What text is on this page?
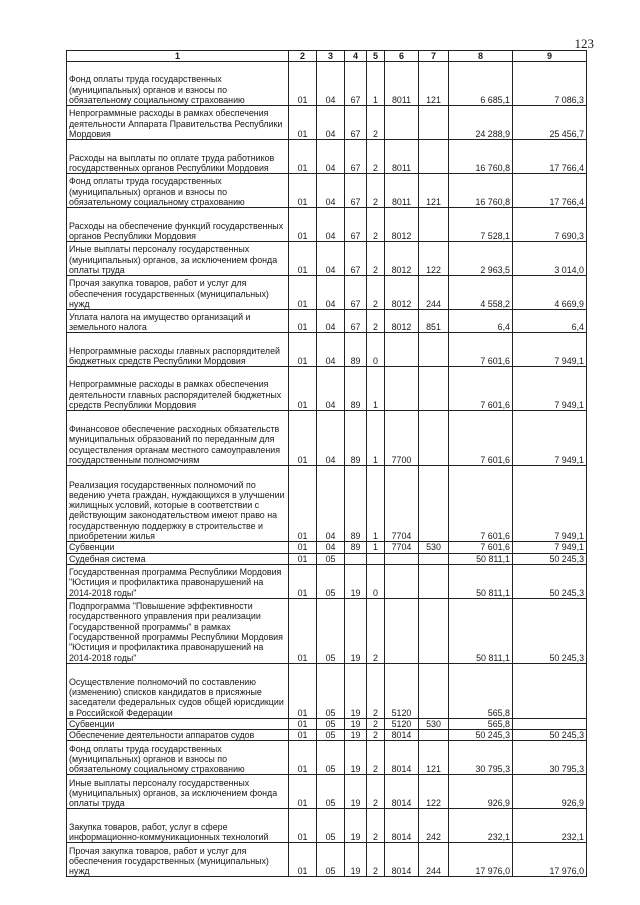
123
1	2	3	4	5	6	7	8	9
Фонд оплаты труда государственных (муниципальных) органов и взносы по обязательному социальному страхованию	01	04	67	1	8011	121	6 685,1	7 086,3
Непрограммные расходы в рамках обеспечения деятельности Аппарата Правительства Республики Мордовия	01	04	67	2			24 288,9	25 456,7
Расходы на выплаты по оплате труда работников государственных органов Республики Мордовия	01	04	67	2	8011		16 760,8	17 766,4
Фонд оплаты труда государственных (муниципальных) органов и взносы по обязательному социальному страхованию	01	04	67	2	8011	121	16 760,8	17 766,4
Расходы на обеспечение функций государственных органов Республики Мордовия	01	04	67	2	8012		7 528,1	7 690,3
Иные выплаты персоналу государственных (муниципальных) органов, за исключением фонда оплаты труда	01	04	67	2	8012	122	2 963,5	3 014,0
Прочая закупка товаров, работ и услуг для обеспечения государственных (муниципальных) нужд	01	04	67	2	8012	244	4 558,2	4 669,9
Уплата налога на имущество организаций и земельного налога	01	04	67	2	8012	851	6,4	6,4
Непрограммные расходы главных распорядителей бюджетных средств Республики Мордовия	01	04	89	0			7 601,6	7 949,1
Непрограммные расходы в рамках обеспечения деятельности главных распорядителей бюджетных средств Республики Мордовия	01	04	89	1			7 601,6	7 949,1
Финансовое обеспечение расходных обязательств муниципальных образований по переданным для осуществления органам местного самоуправления государственным полномочиям	01	04	89	1	7700		7 601,6	7 949,1
Реализация государственных полномочий по ведению учета граждан, нуждающихся в улучшении жилищных условий, которые в соответствии с действующим законодательством имеют право на государственную поддержку в строительстве и приобретении жилья	01	04	89	1	7704		7 601,6	7 949,1
Субвенции	01	04	89	1	7704	530	7 601,6	7 949,1
Судебная система	01	05					50 811,1	50 245,3
Государственная программа Республики Мордовия "Юстиция и профилактика правонарушений на 2014-2018 годы"	01	05	19	0			50 811,1	50 245,3
Подпрограмма "Повышение эффективности государственного управления при реализации Государственной программы" в рамках Государственной программы Республики Мордовия "Юстиция и профилактика правонарушений на 2014-2018 годы"	01	05	19	2			50 811,1	50 245,3
Осуществление полномочий по составлению (изменению) списков кандидатов в присяжные заседатели федеральных судов общей юрисдикции в Российской Федерации	01	05	19	2	5120		565,8	
Субвенции	01	05	19	2	5120	530	565,8	
Обеспечение деятельности аппаратов судов	01	05	19	2	8014		50 245,3	50 245,3
Фонд оплаты труда государственных (муниципальных) органов и взносы по обязательному социальному страхованию	01	05	19	2	8014	121	30 795,3	30 795,3
Иные выплаты персоналу государственных (муниципальных) органов, за исключением фонда оплаты труда	01	05	19	2	8014	122	926,9	926,9
Закупка товаров, работ, услуг в сфере информационно-коммуникационных технологий	01	05	19	2	8014	242	232,1	232,1
Прочая закупка товаров, работ и услуг для обеспечения государственных (муниципальных) нужд	01	05	19	2	8014	244	17 976,0	17 976,0
